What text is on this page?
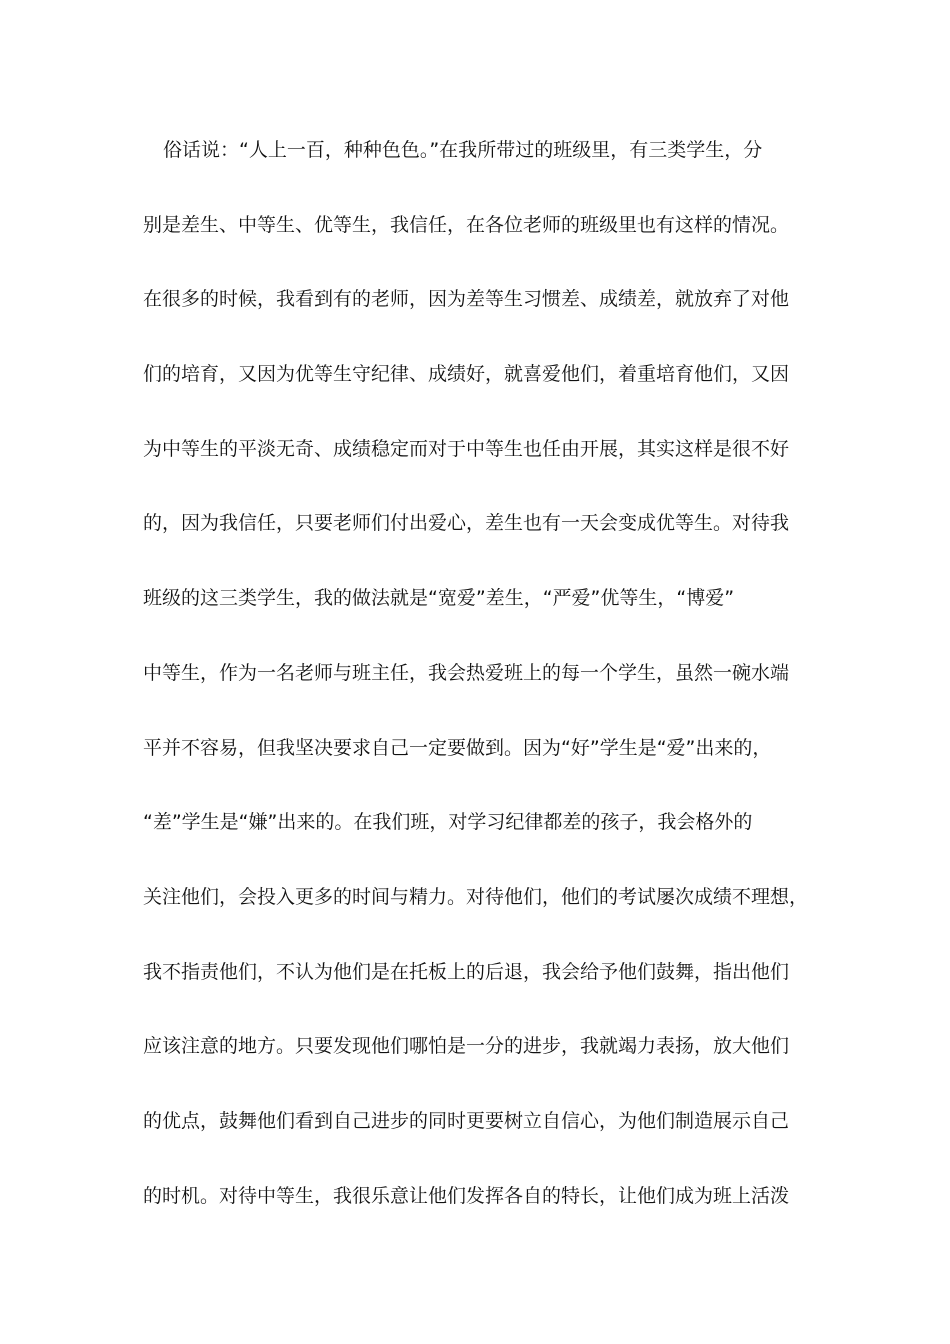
俗话说：“人上一百，种种色色。”在我所带过的班级里，有三类学生，分
别是差生、中等生、优等生，我信任，在各位老师的班级里也有这样的情况。
在很多的时候，我看到有的老师，因为差等生习惯差、成绩差，就放弃了对他
们的培育，又因为优等生守纪律、成绩好，就喜爱他们，着重培育他们，又因
为中等生的平淡无奇、成绩稳定而对于中等生也任由开展，其实这样是很不好
的，因为我信任，只要老师们付出爱心，差生也有一天会变成优等生。对待我
班级的这三类学生，我的做法就是“宽爱”差生，“严爱”优等生，“博爱”
中等生，作为一名老师与班主任，我会热爱班上的每一个学生，虽然一碗水端
平并不容易，但我坚决要求自己一定要做到。因为“好”学生是“爱”出来的，
“差”学生是“嫌”出来的。在我们班，对学习纪律都差的孩子，我会格外的
关注他们，会投入更多的时间与精力。对待他们，他们的考试屡次成绩不理想，
我不指责他们，不认为他们是在托板上的后退，我会给予他们鼓舞，指出他们
应该注意的地方。只要发现他们哪怕是一分的进步，我就竭力表扬，放大他们
的优点，鼓舞他们看到自己进步的同时更要树立自信心，为他们制造展示自己
的时机。对待中等生，我很乐意让他们发挥各自的特长，让他们成为班上活泼
